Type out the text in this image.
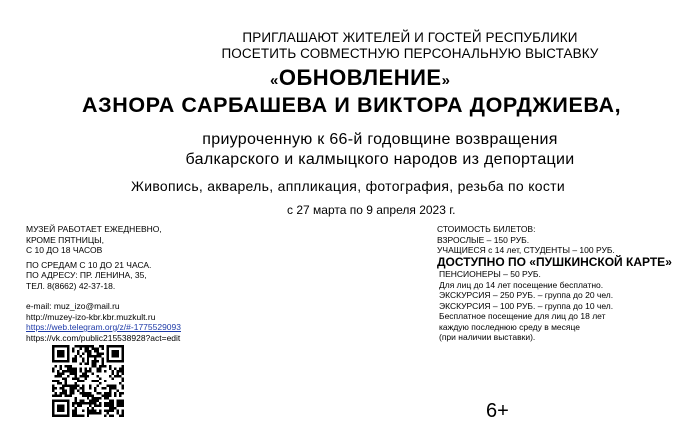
ПРИГЛАШАЮТ ЖИТЕЛЕЙ И ГОСТЕЙ РЕСПУБЛИКИ
ПОСЕТИТЬ СОВМЕСТНУЮ ПЕРСОНАЛЬНУЮ ВЫСТАВКУ
«ОБНОВЛЕНИЕ»
АЗНОРА САРБАШЕВА И ВИКТОРА ДОРДЖИЕВА,
приуроченную к 66-й годовщине возвращения
балкарского и калмыцкого народов из депортации
Живопись, акварель, аппликация, фотография, резьба по кости
с 27 марта по 9 апреля 2023 г.
МУЗЕЙ РАБОТАЕТ ЕЖЕДНЕВНО,
КРОМЕ ПЯТНИЦЫ,
С 10 ДО 18 ЧАСОВ
ПО СРЕДАМ С 10 ДО 21 ЧАСА.
ПО АДРЕСУ: ПР. ЛЕНИНА, 35,
ТЕЛ. 8(8662) 42-37-18.
e-mail: muz_izo@mail.ru
http://muzey-izo-kbr.kbr.muzkult.ru
https://web.telegram.org/z/#-1775529093
https://vk.com/public215538928?act=edit
СТОИМОСТЬ БИЛЕТОВ:
ВЗРОСЛЫЕ – 150 РУБ.
УЧАЩИЕСЯ с 14 лет, СТУДЕНТЫ – 100 РУБ.
ДОСТУПНО ПО «ПУШКИНСКОЙ КАРТЕ»
ПЕНСИОНЕРЫ – 50 РУБ.
Для лиц до 14 лет посещение бесплатно.
ЭКСКУРСИЯ – 250 РУБ. – группа до 20 чел.
ЭКСКУРСИЯ – 100 РУБ. – группа до 10 чел.
Бесплатное посещение для лиц до 18 лет
каждую последнюю среду в месяце
(при наличии выставки).
6+
